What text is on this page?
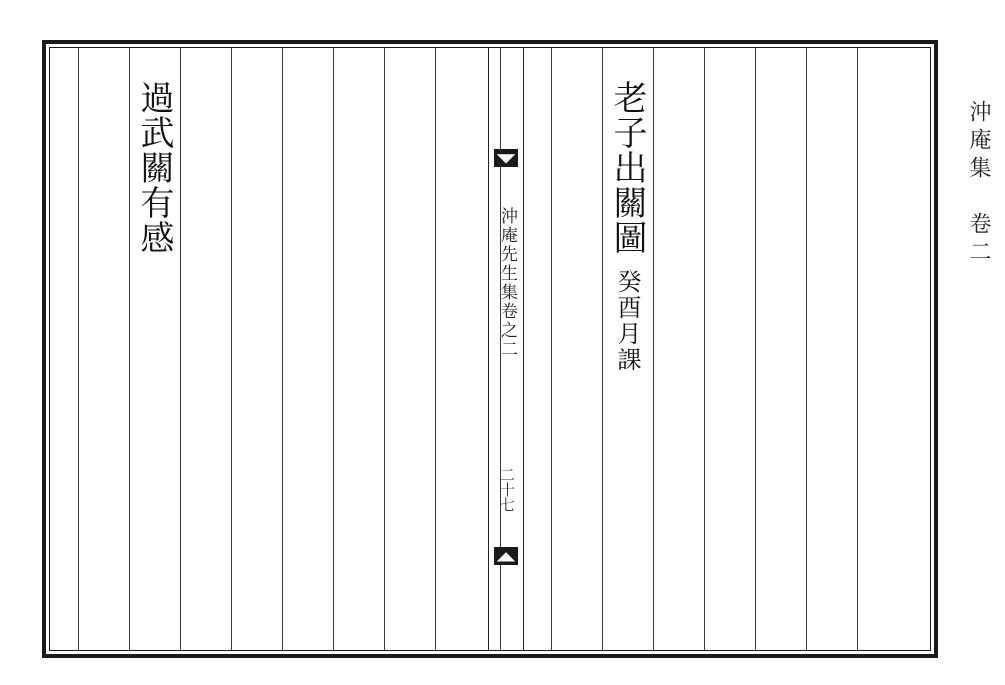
老子出關圖癸酉月課
過武關有感	◥◤
沖庵先生集卷之二
二十七
◢◣
沖庵集　卷二
